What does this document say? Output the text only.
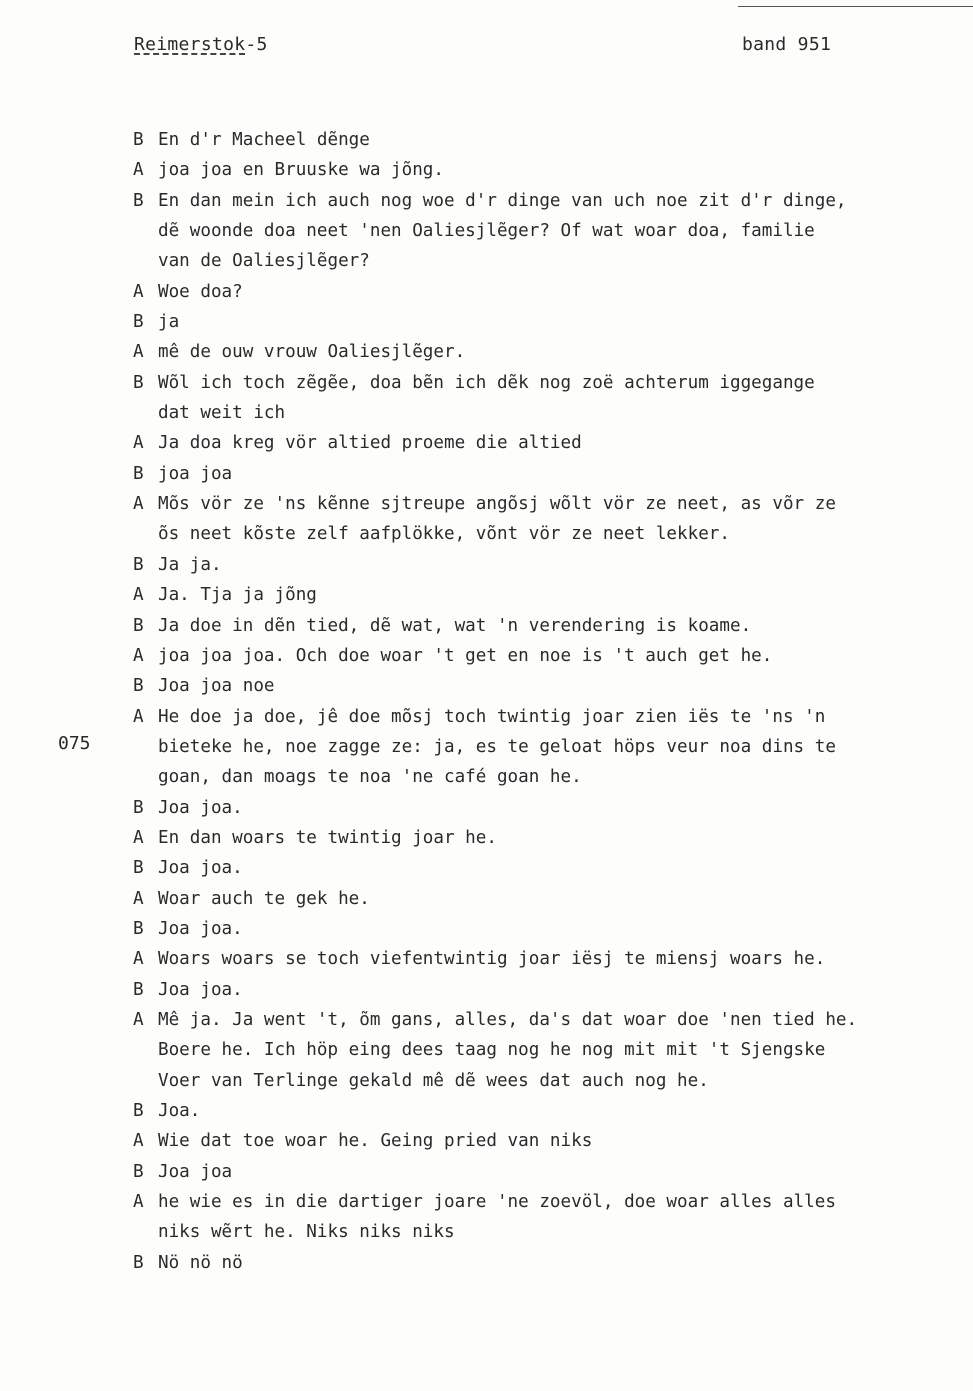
Reimerstok-5	band 951
075
B En d'r Macheel dẽnge
A joa joa en Bruuske wa jõng.
B En dan mein ich auch nog woe d'r dinge van uch noe zit d'r dinge,
dẽ woonde doa neet 'nen Oaliesjlẽger? Of wat woar doa, familie
van de Oaliesjlẽger?
A Woe doa?
B ja
A mê de ouw vrouw Oaliesjlẽger.
B Wõl ich toch zẽgẽe, doa bẽn ich dẽk nog zoë achterum iggegange
dat weit ich
A Ja doa kreg vör altied proeme die altied
B joa joa
A Mõs vör ze 'ns kẽnne sjtreupe angõsj wõlt vör ze neet, as võr ze
õs neet kõste zelf aafplökke, võnt vör ze neet lekker.
B Ja ja.
A Ja. Tja ja jõng
B Ja doe in dẽn tied, dẽ wat, wat 'n verendering is koame.
A joa joa joa. Och doe woar 't get en noe is 't auch get he.
B Joa joa noe
A He doe ja doe, jê doe mõsj toch twintig joar zien iës te 'ns 'n
bieteke he, noe zagge ze: ja, es te geloat höps veur noa dins te
goan, dan moags te noa 'ne café goan he.
B Joa joa.
A En dan woars te twintig joar he.
B Joa joa.
A Woar auch te gek he.
B Joa joa.
A Woars woars se toch viefentwintig joar iësj te miensj woars he.
B Joa joa.
A Mê ja. Ja went 't, õm gans, alles, da's dat woar doe 'nen tied he.
Boere he. Ich höp eing dees taag nog he nog mit mit 't Sjengske
Voer van Terlinge gekald mê dẽ wees dat auch nog he.
B Joa.
A Wie dat toe woar he. Geing pried van niks
B Joa joa
A he wie es in die dartiger joare 'ne zoevöl, doe woar alles alles
niks wẽrt he. Niks niks niks
B Nö nö nö
